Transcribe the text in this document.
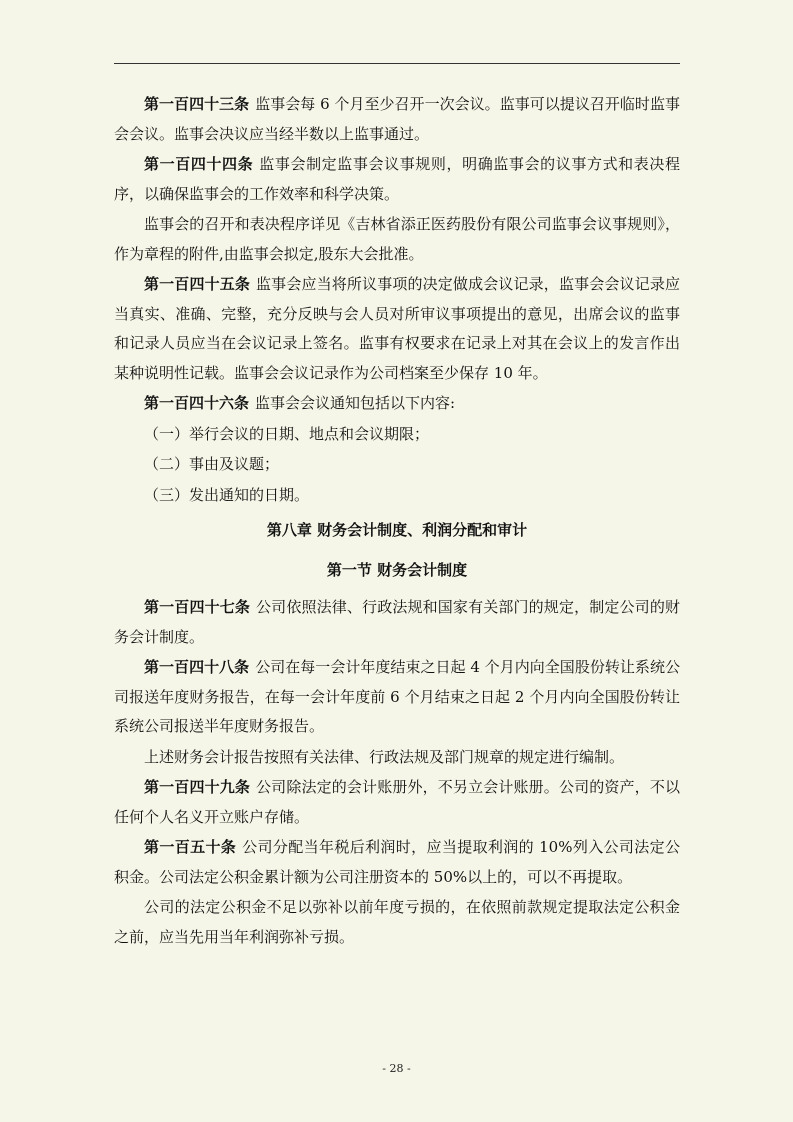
第一百四十三条 监事会每 6 个月至少召开一次会议。监事可以提议召开临时监事会会议。监事会决议应当经半数以上监事通过。

第一百四十四条 监事会制定监事会议事规则，明确监事会的议事方式和表决程序，以确保监事会的工作效率和科学决策。

监事会的召开和表决程序详见《吉林省添正医药股份有限公司监事会议事规则》，作为章程的附件,由监事会拟定,股东大会批准。

第一百四十五条 监事会应当将所议事项的决定做成会议记录，监事会会议记录应当真实、准确、完整，充分反映与会人员对所审议事项提出的意见，出席会议的监事和记录人员应当在会议记录上签名。监事有权要求在记录上对其在会议上的发言作出某种说明性记载。监事会会议记录作为公司档案至少保存 10 年。

第一百四十六条 监事会会议通知包括以下内容:

（一）举行会议的日期、地点和会议期限；

（二）事由及议题；

（三）发出通知的日期。

第八章 财务会计制度、利润分配和审计

第一节 财务会计制度

第一百四十七条 公司依照法律、行政法规和国家有关部门的规定，制定公司的财务会计制度。

第一百四十八条 公司在每一会计年度结束之日起 4 个月内向全国股份转让系统公司报送年度财务报告，在每一会计年度前 6 个月结束之日起 2 个月内向全国股份转让系统公司报送半年度财务报告。

上述财务会计报告按照有关法律、行政法规及部门规章的规定进行编制。

第一百四十九条 公司除法定的会计账册外，不另立会计账册。公司的资产，不以任何个人名义开立账户存储。

第一百五十条 公司分配当年税后利润时，应当提取利润的 10%列入公司法定公积金。公司法定公积金累计额为公司注册资本的 50%以上的，可以不再提取。

公司的法定公积金不足以弥补以前年度亏损的，在依照前款规定提取法定公积金之前，应当先用当年利润弥补亏损。

- 28 -
